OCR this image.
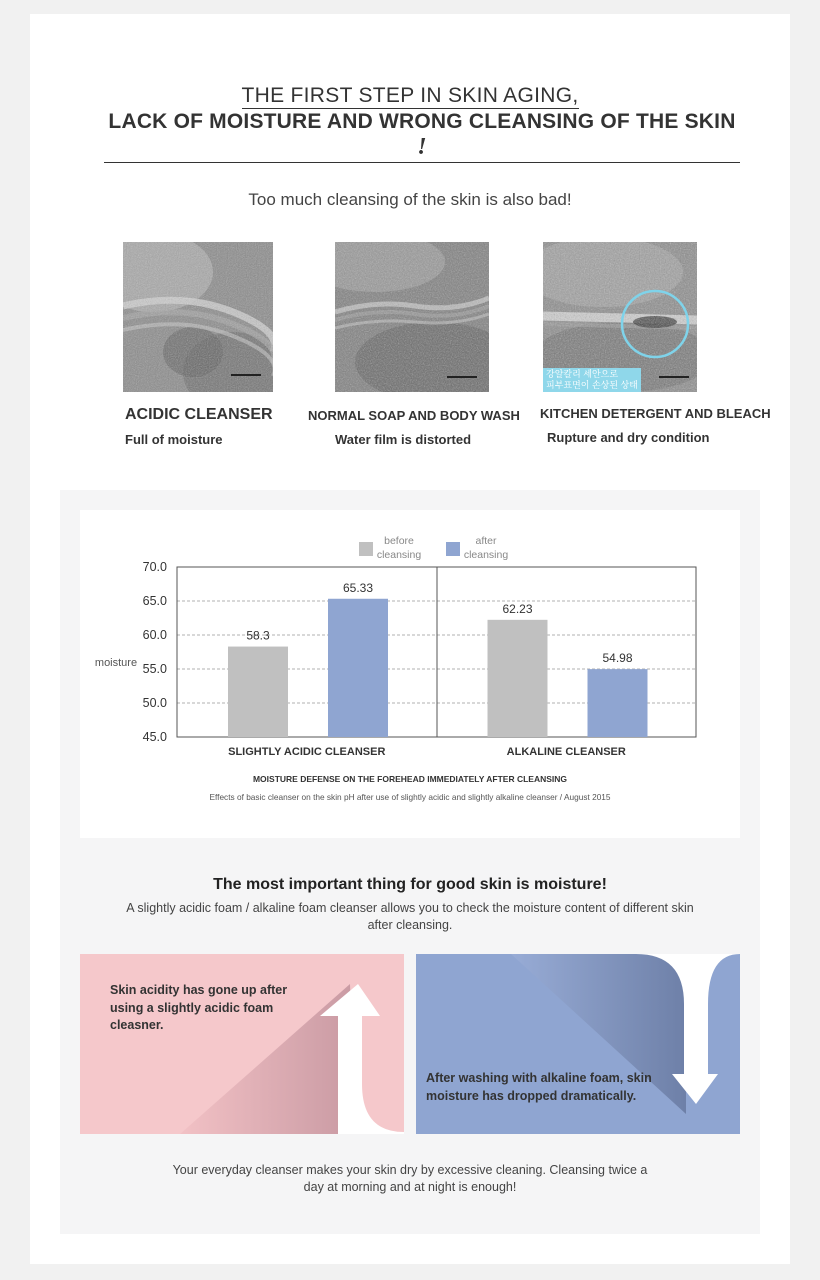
THE FIRST STEP IN SKIN AGING,
LACK OF MOISTURE AND WRONG CLEANSING OF THE SKIN !
Too much cleansing of the skin is also bad!
강알칼리 세안으로
피부표면이 손상된 상태
ACIDIC CLEANSER
Full of moisture
NORMAL SOAP AND BODY WASH
Water film is distorted
KITCHEN DETERGENT AND BLEACH
Rupture and dry condition
before
cleansing
after
cleansing
70.0
65.0
60.0
55.0
50.0
45.0
moisture
58.3
65.33
SLIGHTLY ACIDIC CLEANSER
62.23
54.98
ALKALINE CLEANSER
MOISTURE DEFENSE ON THE FOREHEAD IMMEDIATELY AFTER CLEANSING
Effects of basic cleanser on the skin pH after use of slightly acidic and slightly alkaline cleanser / August 2015
The most important thing for good skin is moisture!
A slightly acidic foam / alkaline foam cleanser allows you to check the moisture content of different skin after cleansing.
Skin acidity has gone up after using a slightly acidic foam cleasner.
After washing with alkaline foam, skin moisture has dropped dramatically.
Your everyday cleanser makes your skin dry by excessive cleaning. Cleansing twice a day at morning and at night is enough!
